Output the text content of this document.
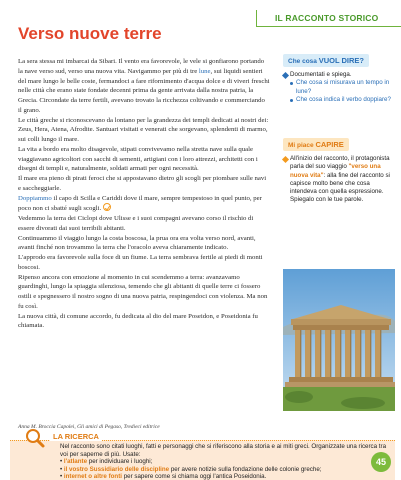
IL RACCONTO STORICO
Verso nuove terre

La sera stessa mi imbarcai da Sibari. Il vento era favorevole, le vele si gonfiarono portando la nave verso sud, verso una nuova vita. Navigammo per più di tre lune, sui liquidi sentieri del mare lungo le belle coste, fermandoci a fare rifornimento d'acqua dolce e di viveri freschi nelle città che erano state fondate decenni prima da gente arrivata dalla nostra patria, la Grecia. Circondate da terre fertili, avevano trovato la ricchezza coltivando e commerciando il grano.

Le città greche si riconoscevano da lontano per la grandezza dei templi dedicati ai nostri dei: Zeus, Hera, Atena, Afrodite. Santuari visitati e venerati che sorgevano, splendenti di marmo, sui colli lungo il mare.

La vita a bordo era molto disagevole, stipati convivevamo nella stretta nave sulla quale viaggiavano agricoltori con sacchi di sementi, artigiani con i loro attrezzi, architetti con i disegni di templi e, naturalmente, soldati armati per ogni necessità.

Il mare era pieno di pirati feroci che si appostavano dietro gli scogli per piombare sulle navi e saccheggiarle.

Doppiammo il capo di Scilla e Cariddi dove il mare, sempre tempestoso in quel punto, per poco non ci sbatté sugli scogli.

Vedemmo la terra dei Ciclopi dove Ulisse e i suoi compagni avevano corso il rischio di essere divorati dai suoi terribili abitanti.

Continuammo il viaggio lungo la costa boscosa, la prua ora era volta verso nord, avanti, avanti finché non trovammo la terra che l'oracolo aveva chiaramente indicato.

L'approdo era favorevole sulla foce di un fiume. La terra sembrava fertile ai piedi di monti boscosi.

Ripenso ancora con emozione al momento in cui scendemmo a terra: avanzavamo guardinghi, lungo la spiaggia silenziosa, temendo che gli abitanti di quelle terre ci fossero ostili e spegnessero il nostro sogno di una nuova patria, respingendoci con violenza. Ma non fu così.

La nuova città, di comune accordo, fu dedicata al dio del mare Poseidon, e Poseidonia fu chiamata.

Anna M. Broccia Capolei, Gli amici di Pegaso, Tredieci editrice
Che cosa VUOL DIRE?
Documentati e spiega.
Che cosa si misurava un tempo in lune?
Che cosa indica il verbo doppiare?
Mi piace CAPIRE
All'inizio del racconto, il protagonista parla del suo viaggio "verso una nuova vita": alla fine del racconto si capisce molto bene che cosa intendeva con quella espressione. Spiegalo con le tue parole.
LA RICERCA
Nel racconto sono citati luoghi, fatti e personaggi che si riferiscono alla storia e ai miti greci. Organizzate una ricerca tra voi per saperne di più. Usate:
• l'atlante per individuare i luoghi;
• il vostro Sussidiario delle discipline per avere notizie sulla fondazione delle colonie greche;
• internet o altre fonti per sapere come si chiama oggi l'antica Poseidonia.
45
